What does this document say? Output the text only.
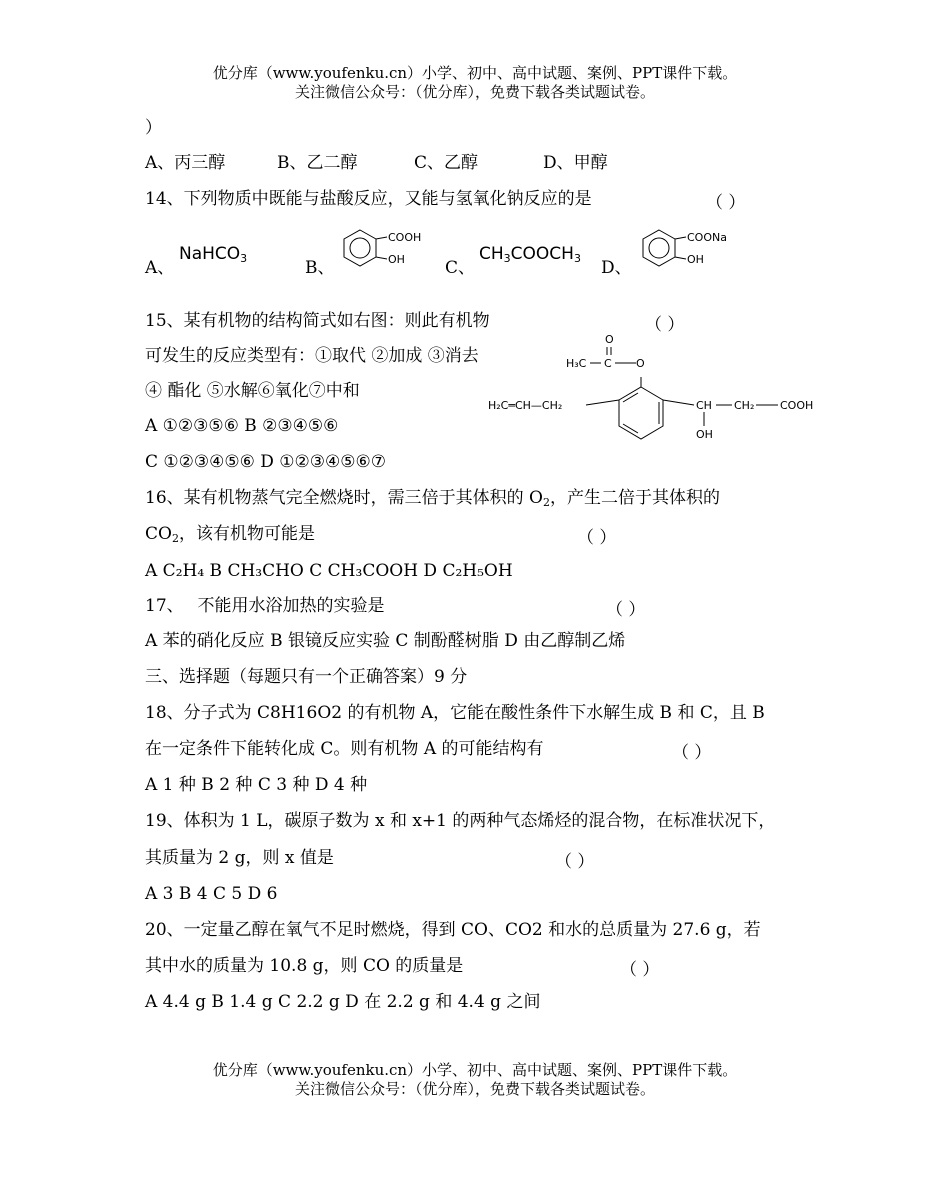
优分库（www.youfenku.cn）小学、初中、高中试题、案例、PPT课件下载。
关注微信公众号：（优分库），免费下载各类试题试卷。
）
A、丙三醇	B、乙二醇	C、乙醇	D、甲醇
14、下列物质中既能与盐酸反应，又能与氢氧化钠反应的是	（ ）
A、
NaHCO$_3$	B、
COOH
OH C、
$CH_3COOCH_3$ D、
COONa
OH
15、某有机物的结构简式如右图：则此有机物	（ ）
可发生的反应类型有：①取代 ②加成 ③消去
④ 酯化 ⑤水解⑥氧化⑦中和
A ①②③⑤⑥ B ②③④⑤⑥
C ①②③④⑤⑥ D ①②③④⑤⑥⑦
O
C
O
H₃C
H₂C═CH—CH₂	CH CH₂ COOH
OH
16、某有机物蒸气完全燃烧时，需三倍于其体积的 $O_2$，产生二倍于其体积的
$CO_2$，该有机物可能是	（ ）
A C₂H₄ B CH₃CHO C CH₃COOH D C₂H₅OH
17、　 不能用水浴加热的实验是	（ ）
A 苯的硝化反应 B 银镜反应实验 C 制酚醛树脂 D 由乙醇制乙烯
三、选择题（每题只有一个正确答案）9 分
18、分子式为 C8H16O2 的有机物 A，它能在酸性条件下水解生成 B 和 C，且 B
在一定条件下能转化成 C。则有机物 A 的可能结构有	（ ）
A 1 种 B 2 种 C 3 种 D 4 种
19、体积为 1 L，碳原子数为 x 和 x+1 的两种气态烯烃的混合物，在标准状况下，
其质量为 2 g，则 x 值是	（ ）
A 3 B 4 C 5 D 6
20、一定量乙醇在氧气不足时燃烧，得到 CO、CO2 和水的总质量为 27.6 g，若
其中水的质量为 10.8 g，则 CO 的质量是	（ ）
A 4.4 g B 1.4 g C 2.2 g D 在 2.2 g 和 4.4 g 之间
优分库（www.youfenku.cn）小学、初中、高中试题、案例、PPT课件下载。
关注微信公众号：（优分库），免费下载各类试题试卷。
